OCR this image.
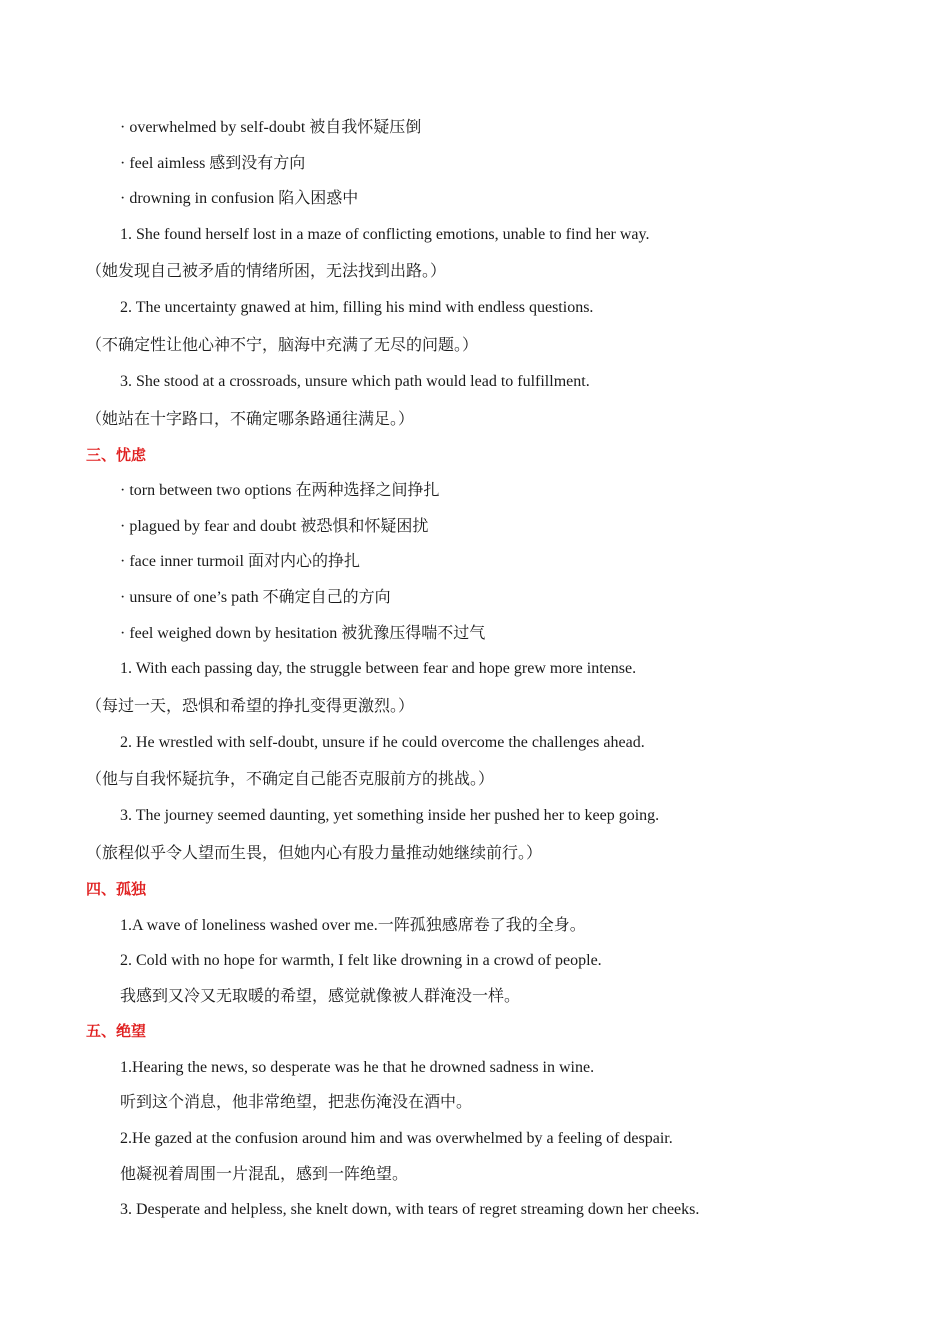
· overwhelmed by self-doubt 被自我怀疑压倒
· feel aimless 感到没有方向
· drowning in confusion 陷入困惑中
1. She found herself lost in a maze of conflicting emotions, unable to find her way.
（她发现自己被矛盾的情绪所困，无法找到出路。）
2. The uncertainty gnawed at him, filling his mind with endless questions.
（不确定性让他心神不宁，脑海中充满了无尽的问题。）
3. She stood at a crossroads, unsure which path would lead to fulfillment.
（她站在十字路口，不确定哪条路通往满足。）
三、忧虑
· torn between two options 在两种选择之间挣扎
· plagued by fear and doubt 被恐惧和怀疑困扰
· face inner turmoil 面对内心的挣扎
· unsure of one’s path 不确定自己的方向
· feel weighed down by hesitation 被犹豫压得喘不过气
1. With each passing day, the struggle between fear and hope grew more intense.
（每过一天，恐惧和希望的挣扎变得更激烈。）
2. He wrestled with self-doubt, unsure if he could overcome the challenges ahead.
（他与自我怀疑抗争，不确定自己能否克服前方的挑战。）
3. The journey seemed daunting, yet something inside her pushed her to keep going.
（旅程似乎令人望而生畏，但她内心有股力量推动她继续前行。）
四、孤独
1.A wave of loneliness washed over me.一阵孤独感席卷了我的全身。
2. Cold with no hope for warmth, I felt like drowning in a crowd of people.
我感到又冷又无取暖的希望，感觉就像被人群淹没一样。
五、绝望
1.Hearing the news, so desperate was he that he drowned sadness in wine.
听到这个消息，他非常绝望，把悲伤淹没在酒中。
2.He gazed at the confusion around him and was overwhelmed by a feeling of despair.
他凝视着周围一片混乱，感到一阵绝望。
3. Desperate and helpless, she knelt down, with tears of regret streaming down her cheeks.
